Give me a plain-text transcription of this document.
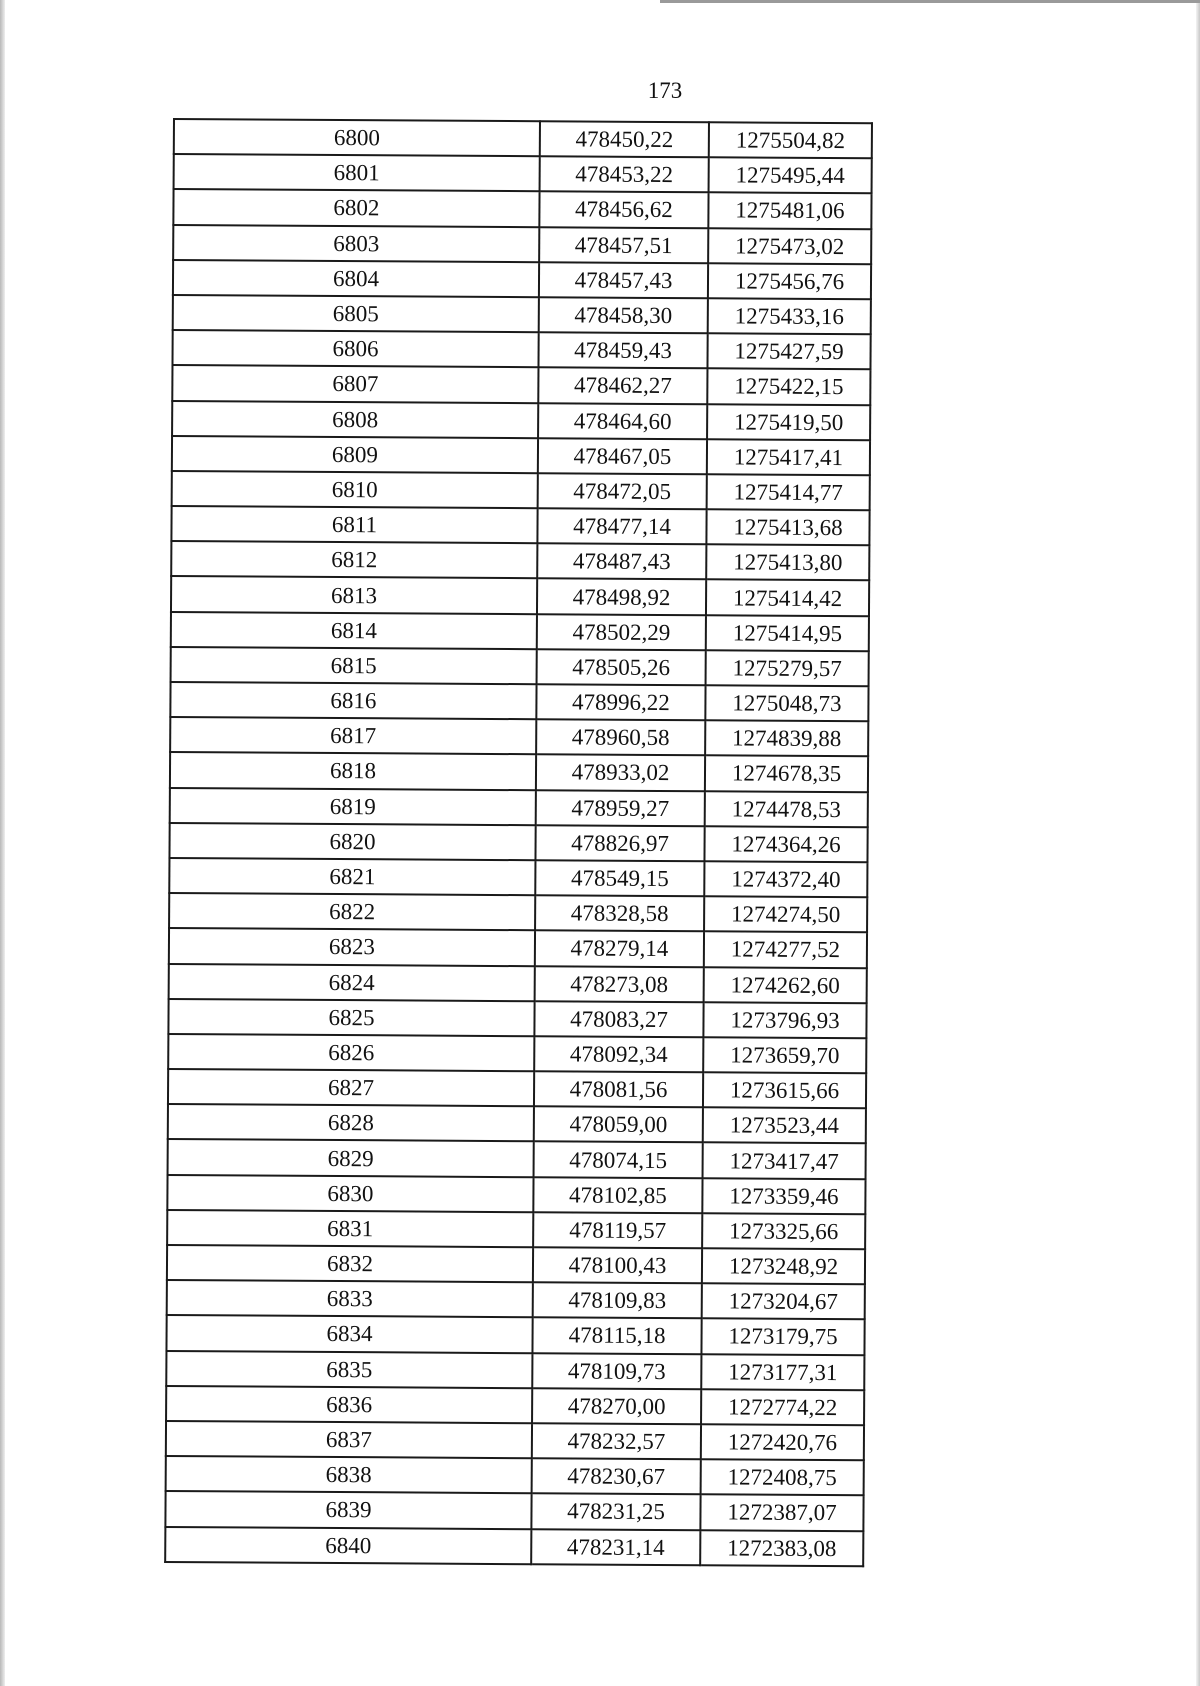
173
6800	478450,22	1275504,82
6801	478453,22	1275495,44
6802	478456,62	1275481,06
6803	478457,51	1275473,02
6804	478457,43	1275456,76
6805	478458,30	1275433,16
6806	478459,43	1275427,59
6807	478462,27	1275422,15
6808	478464,60	1275419,50
6809	478467,05	1275417,41
6810	478472,05	1275414,77
6811	478477,14	1275413,68
6812	478487,43	1275413,80
6813	478498,92	1275414,42
6814	478502,29	1275414,95
6815	478505,26	1275279,57
6816	478996,22	1275048,73
6817	478960,58	1274839,88
6818	478933,02	1274678,35
6819	478959,27	1274478,53
6820	478826,97	1274364,26
6821	478549,15	1274372,40
6822	478328,58	1274274,50
6823	478279,14	1274277,52
6824	478273,08	1274262,60
6825	478083,27	1273796,93
6826	478092,34	1273659,70
6827	478081,56	1273615,66
6828	478059,00	1273523,44
6829	478074,15	1273417,47
6830	478102,85	1273359,46
6831	478119,57	1273325,66
6832	478100,43	1273248,92
6833	478109,83	1273204,67
6834	478115,18	1273179,75
6835	478109,73	1273177,31
6836	478270,00	1272774,22
6837	478232,57	1272420,76
6838	478230,67	1272408,75
6839	478231,25	1272387,07
6840	478231,14	1272383,08
